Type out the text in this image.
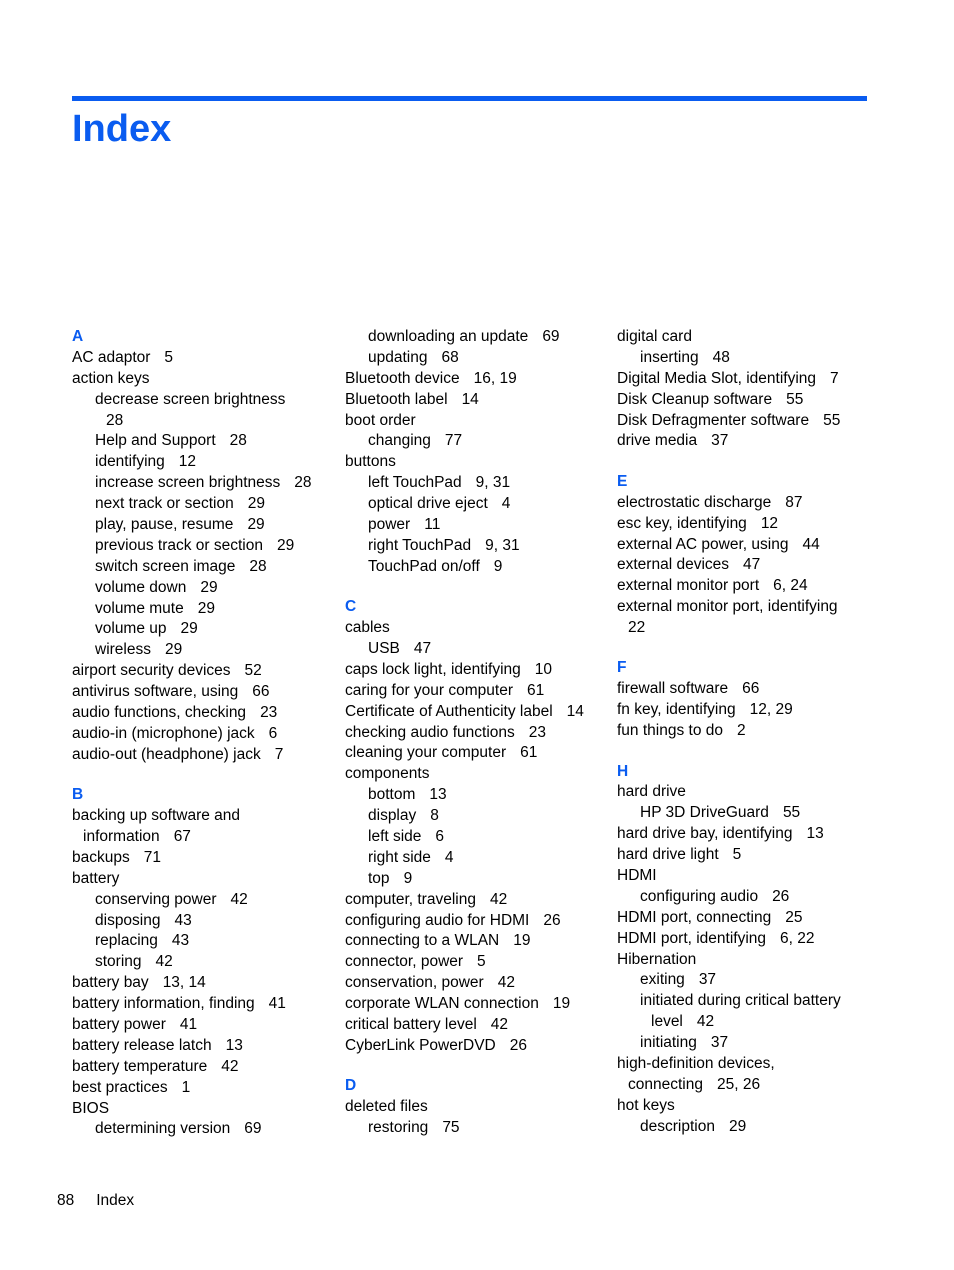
Index
A
AC adaptor 5
action keys
decrease screen brightness
28
Help and Support 28
identifying 12
increase screen brightness 28
next track or section 29
play, pause, resume 29
previous track or section 29
switch screen image 28
volume down 29
volume mute 29
volume up 29
wireless 29
airport security devices 52
antivirus software, using 66
audio functions, checking 23
audio-in (microphone) jack 6
audio-out (headphone) jack 7
B
backing up software and
information 67
backups 71
battery
conserving power 42
disposing 43
replacing 43
storing 42
battery bay 13, 14
battery information, finding 41
battery power 41
battery release latch 13
battery temperature 42
best practices 1
BIOS
determining version 69
downloading an update 69
updating 68
Bluetooth device 16, 19
Bluetooth label 14
boot order
changing 77
buttons
left TouchPad 9, 31
optical drive eject 4
power 11
right TouchPad 9, 31
TouchPad on/off 9
C
cables
USB 47
caps lock light, identifying 10
caring for your computer 61
Certificate of Authenticity label 14
checking audio functions 23
cleaning your computer 61
components
bottom 13
display 8
left side 6
right side 4
top 9
computer, traveling 42
configuring audio for HDMI 26
connecting to a WLAN 19
connector, power 5
conservation, power 42
corporate WLAN connection 19
critical battery level 42
CyberLink PowerDVD 26
D
deleted files
restoring 75
digital card
inserting 48
Digital Media Slot, identifying 7
Disk Cleanup software 55
Disk Defragmenter software 55
drive media 37
E
electrostatic discharge 87
esc key, identifying 12
external AC power, using 44
external devices 47
external monitor port 6, 24
external monitor port, identifying
22
F
firewall software 66
fn key, identifying 12, 29
fun things to do 2
H
hard drive
HP 3D DriveGuard 55
hard drive bay, identifying 13
hard drive light 5
HDMI
configuring audio 26
HDMI port, connecting 25
HDMI port, identifying 6, 22
Hibernation
exiting 37
initiated during critical battery
level 42
initiating 37
high-definition devices,
connecting 25, 26
hot keys
description 29
88 Index
